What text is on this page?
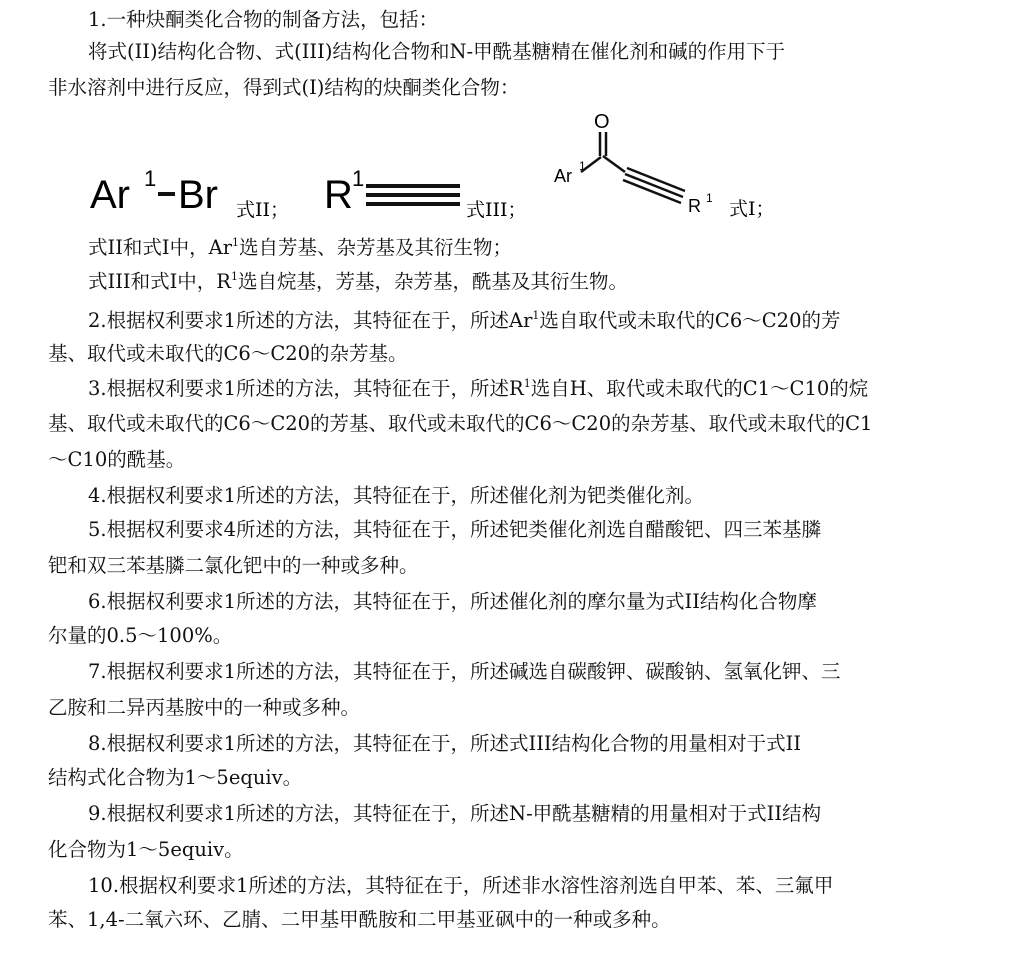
1.一种炔酮类化合物的制备方法，包括：
将式(II)结构化合物、式(III)结构化合物和N-甲酰基糖精在催化剂和碱的作用下于
非水溶剂中进行反应，得到式(I)结构的炔酮类化合物：
Ar 1 Br 式II； R 1
式III；
Ar 1
O
R 1 式I；
式II和式I中，Ar$^1$选自芳基、杂芳基及其衍生物；
式III和式I中，$R^1$选自烷基，芳基，杂芳基，酰基及其衍生物。
2.根据权利要求1所述的方法，其特征在于，所述Ar$^1$选自取代或未取代的C6～C20的芳
基、取代或未取代的C6～C20的杂芳基。
3.根据权利要求1所述的方法，其特征在于，所述$R^1$选自H、取代或未取代的C1～C10的烷
基、取代或未取代的C6～C20的芳基、取代或未取代的C6～C20的杂芳基、取代或未取代的C1
～C10的酰基。
4.根据权利要求1所述的方法，其特征在于，所述催化剂为钯类催化剂。
5.根据权利要求4所述的方法，其特征在于，所述钯类催化剂选自醋酸钯、四三苯基膦
钯和双三苯基膦二氯化钯中的一种或多种。
6.根据权利要求1所述的方法，其特征在于，所述催化剂的摩尔量为式II结构化合物摩
尔量的0.5～100%。
7.根据权利要求1所述的方法，其特征在于，所述碱选自碳酸钾、碳酸钠、氢氧化钾、三
乙胺和二异丙基胺中的一种或多种。
8.根据权利要求1所述的方法，其特征在于，所述式III结构化合物的用量相对于式II
结构式化合物为1～5equiv。
9.根据权利要求1所述的方法，其特征在于，所述N-甲酰基糖精的用量相对于式II结构
化合物为1～5equiv。
10.根据权利要求1所述的方法，其特征在于，所述非水溶性溶剂选自甲苯、苯、三氟甲
苯、1,4-二氧六环、乙腈、二甲基甲酰胺和二甲基亚砜中的一种或多种。
